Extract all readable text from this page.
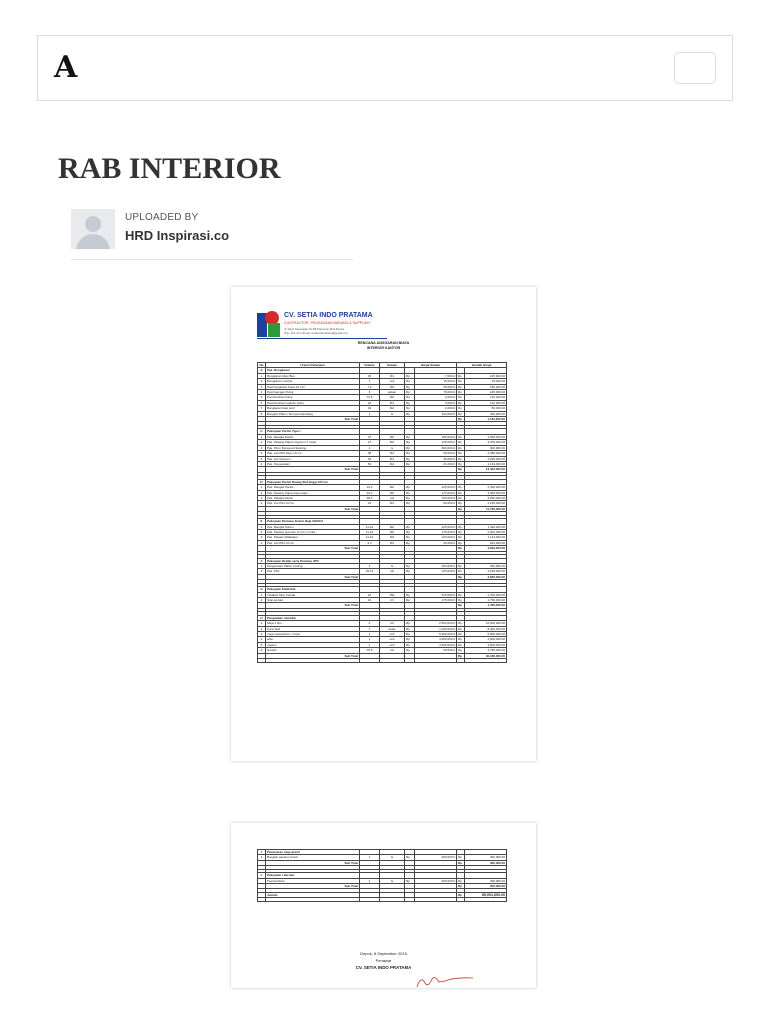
A
RAB INTERIOR
UPLOADED BY
HRD Inspirasi.co
CV. SETIA INDO PRATAMA
CONTRACTOR, PENGADAAN BARANG & SUPPLIER
Jl. Raya Sawangan No.88 Pancoran Mas Depok
Telp. 021-xxxx Email: setiaindopratama@gmail.com
RENCANA ANGGARAN BIAYA
INTERIOR KANTOR
No	Uraian Pekerjaan	Volume	Satuan	Harga Satuan		Jumlah Harga	
A	Pek. Bongkaran						
1	Bongkaran Meni Bus	15	M1	Rp	7,000.0	Rp	105,000.00
2	Bongkaran meubel	1	unit	Rp	15,000.0	Rp	15,000.00
3	Pembongkaran Kaca 12 mm	7.2	M2	Rp	25,000.0	Rp	180,000.00
4	Pembuangan Puing	3	pahan	Rp	75,000.0	Rp	225,000.00
5	Pembersihan Kaca	72.6	M2	Rp	2,000.0	Rp	145,200.00
6	Pembersihan Lapisan stiker	22	M1	Rp	6,000.0	Rp	132,000.00
7	Bongkaran batu wrof	40	M2	Rp	2,000.0	Rp	80,000.00
8	Bongkar Plafon Tempered Existing	1	ls	Rp	400,000.0	Rp	400,000.00
	Sub Total					Rp	1,162,600.00

C	Pekerjaan Partisi Type I						
1	Pek. Rangka Partisi	27	M2	Rp	150,000.0	Rp	4,050,000.00
2	Pek. Pasang Papan Gypsum 2 muka	27	M2	Rp	125,000.0	Rp	3,375,000.00
3	Pas. Pintu Tempered Existing	1	ls	Rp	600,000.0	Rp	600,000.00
4	Pek. List Plint kayu 10 cm	38	M1	Rp	60,000.0	Rp	2,280,000.00
5	Pek. List Gypsum	45	M1	Rp	45,000.0	Rp	2,025,000.00
6	Pek. Pengecatan	54	M2	Rp	21,000.0	Rp	1,134,000.00
	Sub Total					Rp	13,464,000.00

D	Pekerjaan Partisi Ruang Staf tinggi 150 cm						
1	Pek. Rangka Partisi	19.2	M2	Rp	125,000.0	Rp	2,400,000.00
2	Pek. Pasang Papan kayu lapis	19.2	M2	Rp	175,000.0	Rp	3,360,000.00
3	Pek. Pelapis Partisi	38.4	m2	Rp	100,000.0	Rp	3,840,000.00
4	Pek. List Plint 10 cm	44	M1	Rp	60,000.0	Rp	2,160,000.00
	Sub Total					Rp	11,760,000.00

E	Pekerjaan Penutup Kolom Baja 30x60.0						
1	Pek. Rangka Kolom	11.44	M2	Rp	125,000.0	Rp	1,430,000.00
2	Pek. Pasang Gypsum 9 mm 1 muka	11.44	M2	Rp	175,000.0	Rp	2,002,000.00
3	Pek. Pelapis Wallpaper	11.44	M2	Rp	100,000.0	Rp	1,144,000.00
4	Pek. List Plint 10 cm	4.4	M1	Rp	60,000.0	Rp	264,000.00
	Sub Total					Rp	4,840,000.00

F	Pekerjaan Rehab serta Penutup HPC						
1	Pengecatan Plafon Ceiling	1	ls	Rp	200,000.0	Rp	200,000.00
2	Pas. PHL	29.16	m2	Rp	125,000.0	Rp	3,645,000.00
	Sub Total					Rp	3,845,000.00

G	Pekerjaan Elektrikal						
1	Instalasi Stop Kontak	10	Titik	Rp	270,000.0	Rp	2,700,000.00
2	Stop kontak	10	bh	Rp	175,000.0	Rp	1,750,000.00
	Sub Total					Rp	4,450,000.00

H	Pengadaan meubiler						
1	Meja 1 biro	6	bh	Rp	2,500,000.0	Rp	15,000,000.00
2	Kursi Staf	7	buah	Rp	1,200,000.0	Rp	8,400,000.00
3	meja resepsionis + Kursi	1	unit	Rp	5,500,000.0	Rp	5,500,000.00
4	sofa	1	unit	Rp	4,500,000.0	Rp	4,500,000.00
5	meja tv	1	unit	Rp	3,500,000.0	Rp	3,500,000.00
6	Gorden	75.6	m2	Rp	50,000.0	Rp	3,780,000.00
	Sub Total					Rp	40,180,000.00

I	Pemasaran meja granit						
1	Bongkar pasang Granit	1	ls	Rp	300,000.0	Rp	300,000.00
	Sub Total					Rp	300,000.00

L	Pekerjaan Lain-lain						
	Pembersihan	1	ls	Rp	300,000.0	Rp	300,000.00
	Sub Total					Rp	300,000.00

	Jumlah					Rp	85,001,600.00

Depok, 8 September 2015
Penawar
CV. SETIA INDO PRATAMA
